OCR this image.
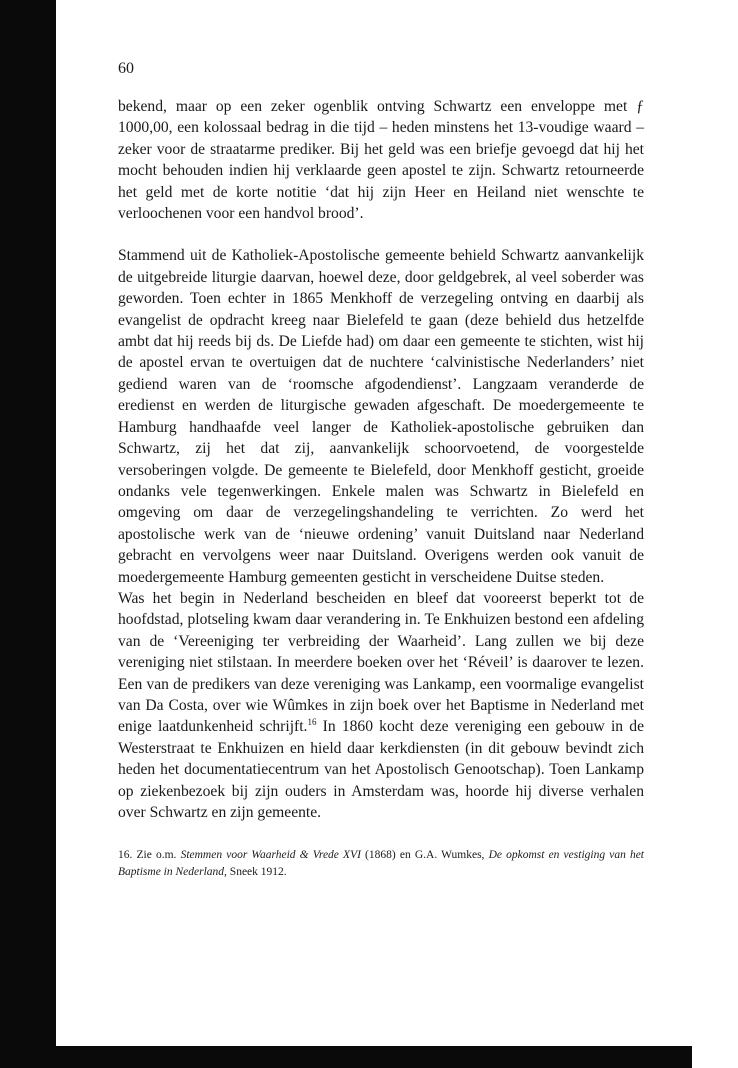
60

bekend, maar op een zeker ogenblik ontving Schwartz een enveloppe met ƒ 1000,00, een kolossaal bedrag in die tijd – heden minstens het 13-voudige waard – zeker voor de straatarme prediker. Bij het geld was een briefje gevoegd dat hij het mocht behouden indien hij verklaarde geen apostel te zijn. Schwartz retourneerde het geld met de korte notitie ‘dat hij zijn Heer en Heiland niet wenschte te verloochenen voor een handvol brood’.

Stammend uit de Katholiek-Apostolische gemeente behield Schwartz aanvankelijk de uitgebreide liturgie daarvan, hoewel deze, door geldgebrek, al veel soberder was geworden. Toen echter in 1865 Menkhoff de verzegeling ontving en daarbij als evangelist de opdracht kreeg naar Bielefeld te gaan (deze behield dus hetzelfde ambt dat hij reeds bij ds. De Liefde had) om daar een gemeente te stichten, wist hij de apostel ervan te overtuigen dat de nuchtere ‘calvinistische Nederlanders’ niet gediend waren van de ‘roomsche afgodendienst’. Langzaam veranderde de eredienst en werden de liturgische gewaden afgeschaft. De moedergemeente te Hamburg handhaafde veel langer de Katholiek-apostolische gebruiken dan Schwartz, zij het dat zij, aanvankelijk schoorvoetend, de voorgestelde versoberingen volgde. De gemeente te Bielefeld, door Menkhoff gesticht, groeide ondanks vele tegenwerkingen. Enkele malen was Schwartz in Bielefeld en omgeving om daar de verzegelingshandeling te verrichten. Zo werd het apostolische werk van de ‘nieuwe ordening’ vanuit Duitsland naar Nederland gebracht en vervolgens weer naar Duitsland. Overigens werden ook vanuit de moedergemeente Hamburg gemeenten gesticht in verscheidene Duitse steden.

Was het begin in Nederland bescheiden en bleef dat vooreerst beperkt tot de hoofdstad, plotseling kwam daar verandering in. Te Enkhuizen bestond een afdeling van de ‘Vereeniging ter verbreiding der Waarheid’. Lang zullen we bij deze vereniging niet stilstaan. In meerdere boeken over het ‘Réveil’ is daarover te lezen. Een van de predikers van deze vereniging was Lankamp, een voormalige evangelist van Da Costa, over wie Wûmkes in zijn boek over het Baptisme in Nederland met enige laatdunkenheid schrijft.$^{16}$ In 1860 kocht deze vereniging een gebouw in de Westerstraat te Enkhuizen en hield daar kerkdiensten (in dit gebouw bevindt zich heden het documentatiecentrum van het Apostolisch Genootschap). Toen Lankamp op ziekenbezoek bij zijn ouders in Amsterdam was, hoorde hij diverse verhalen over Schwartz en zijn gemeente.

16. Zie o.m. Stemmen voor Waarheid & Vrede XVI (1868) en G.A. Wumkes, De opkomst en vestiging van het Baptisme in Nederland, Sneek 1912.
